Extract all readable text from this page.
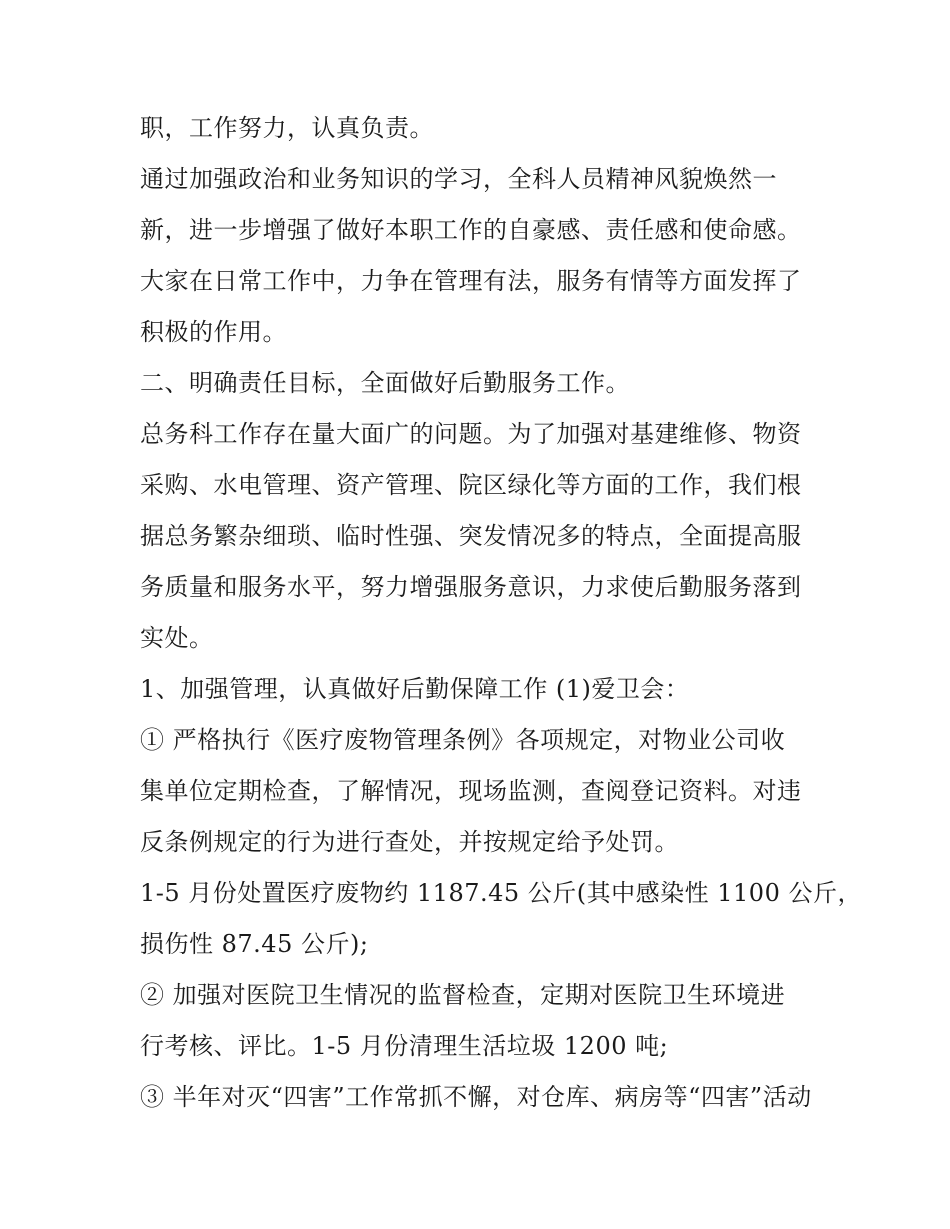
职，工作努力，认真负责。

通过加强政治和业务知识的学习，全科人员精神风貌焕然一

新，进一步增强了做好本职工作的自豪感、责任感和使命感。

大家在日常工作中，力争在管理有法，服务有情等方面发挥了

积极的作用。

二、明确责任目标，全面做好后勤服务工作。

总务科工作存在量大面广的问题。为了加强对基建维修、物资

采购、水电管理、资产管理、院区绿化等方面的工作，我们根

据总务繁杂细琐、临时性强、突发情况多的特点，全面提高服

务质量和服务水平，努力增强服务意识，力求使后勤服务落到

实处。

1、加强管理，认真做好后勤保障工作 (1)爱卫会：

① 严格执行《医疗废物管理条例》各项规定，对物业公司收

集单位定期检查，了解情况，现场监测，查阅登记资料。对违

反条例规定的行为进行查处，并按规定给予处罚。

1-5 月份处置医疗废物约 1187.45 公斤(其中感染性 1100 公斤，

损伤性 87.45 公斤);

② 加强对医院卫生情况的监督检查，定期对医院卫生环境进

行考核、评比。1-5 月份清理生活垃圾 1200 吨;

③ 半年对灭“四害”工作常抓不懈，对仓库、病房等“四害”活动
